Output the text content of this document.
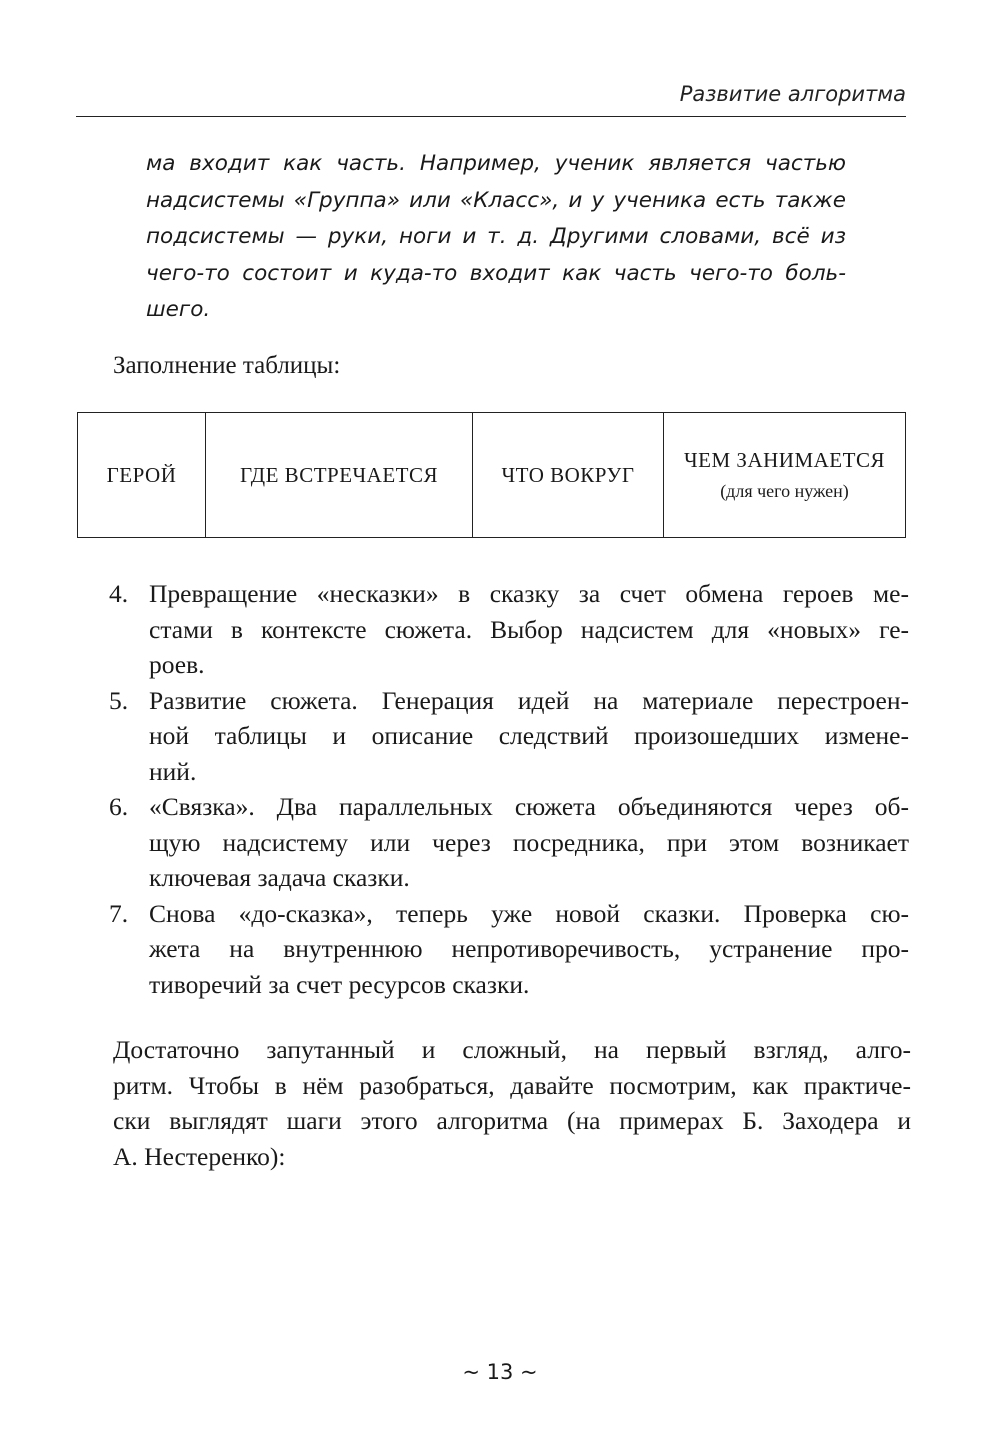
Развитие алгоритма
ма входит как часть. Например, ученик является частью
надсистемы «Группа» или «Класс», и у ученика есть также
подсистемы — руки, ноги и т. д. Другими словами, всё из
чего-то состоит и куда-то входит как часть чего-то боль-
шего.
Заполнение таблицы:
ГЕРОЙ	ГДЕ ВСТРЕЧАЕТСЯ	ЧТО ВОКРУГ	ЧЕМ ЗАНИМАЕТСЯ
(для чего нужен)
4. Превращение «несказки» в сказку за счет обмена героев ме-
стами в контексте сюжета. Выбор надсистем для «новых» ге-
роев.
5. Развитие сюжета. Генерация идей на материале перестроен-
ной таблицы и описание следствий произошедших измене-
ний.
6. «Связка». Два параллельных сюжета объединяются через об-
щую надсистему или через посредника, при этом возникает
ключевая задача сказки.
7. Снова «до-сказка», теперь уже новой сказки. Проверка сю-
жета на внутреннюю непротиворечивость, устранение про-
тиворечий за счет ресурсов сказки.
Достаточно запутанный и сложный, на первый взгляд, алго-
ритм. Чтобы в нём разобраться, давайте посмотрим, как практиче-
ски выглядят шаги этого алгоритма (на примерах Б. Заходера и
А. Нестеренко):
~ 13 ~
